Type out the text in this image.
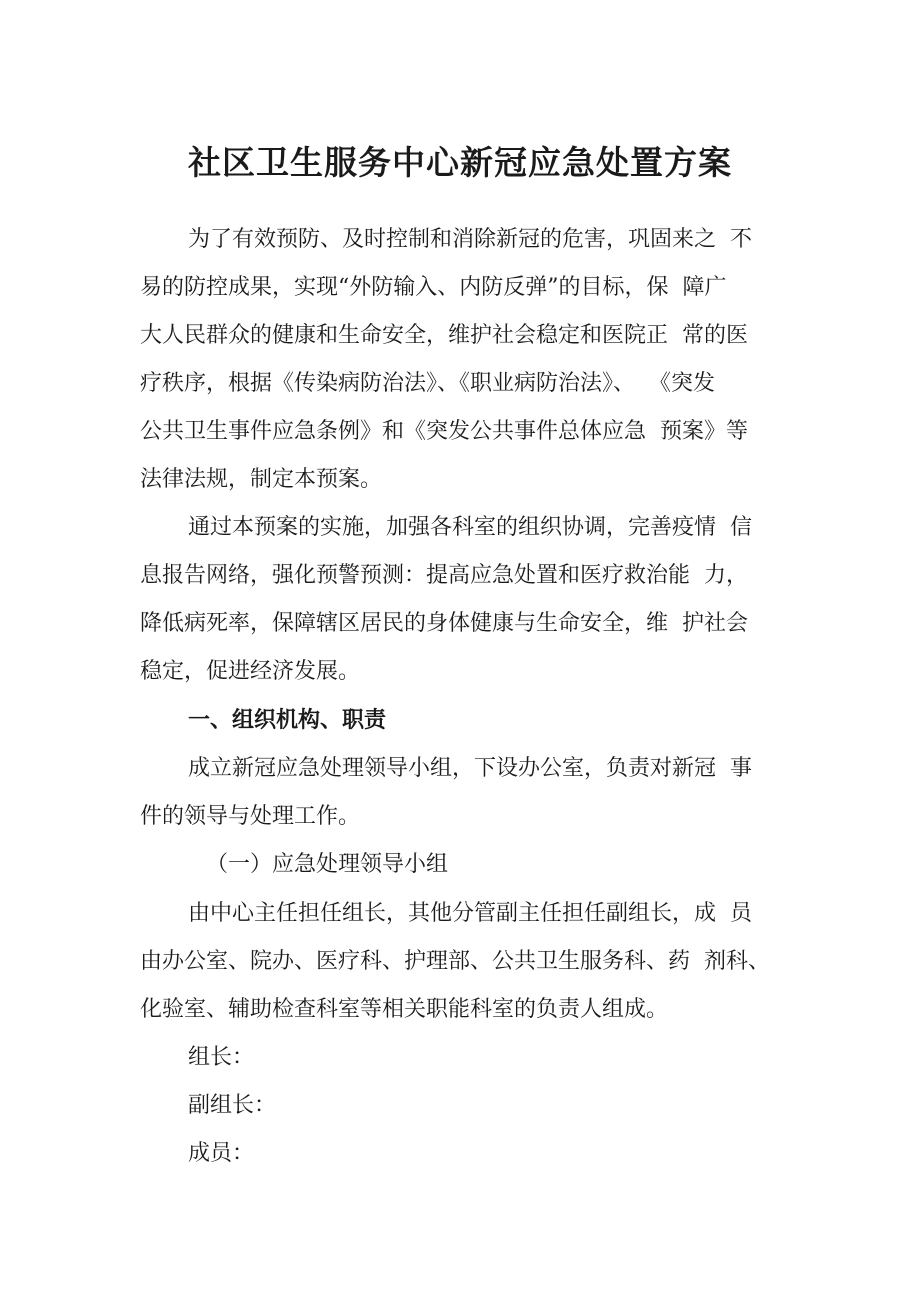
社区卫生服务中心新冠应急处置方案
为了有效预防、及时控制和消除新冠的危害，巩固来之  不
易的防控成果，实现“外防输入、内防反弹”的目标，保  障广
大人民群众的健康和生命安全，维护社会稳定和医院正  常的医
疗秩序，根据《传染病防治法》、《职业病防治法》、  《突发
公共卫生事件应急条例》和《突发公共事件总体应急  预案》等
法律法规，制定本预案。
通过本预案的实施，加强各科室的组织协调，完善疫情  信
息报告网络，强化预警预测：提高应急处置和医疗救治能  力，
降低病死率，保障辖区居民的身体健康与生命安全，维  护社会
稳定，促进经济发展。
一、组织机构、职责
成立新冠应急处理领导小组，下设办公室，负责对新冠  事
件的领导与处理工作。
（一）应急处理领导小组
由中心主任担任组长，其他分管副主任担任副组长，成  员
由办公室、院办、医疗科、护理部、公共卫生服务科、药  剂科、
化验室、辅助检查科室等相关职能科室的负责人组成。
组长：
副组长：
成员：
